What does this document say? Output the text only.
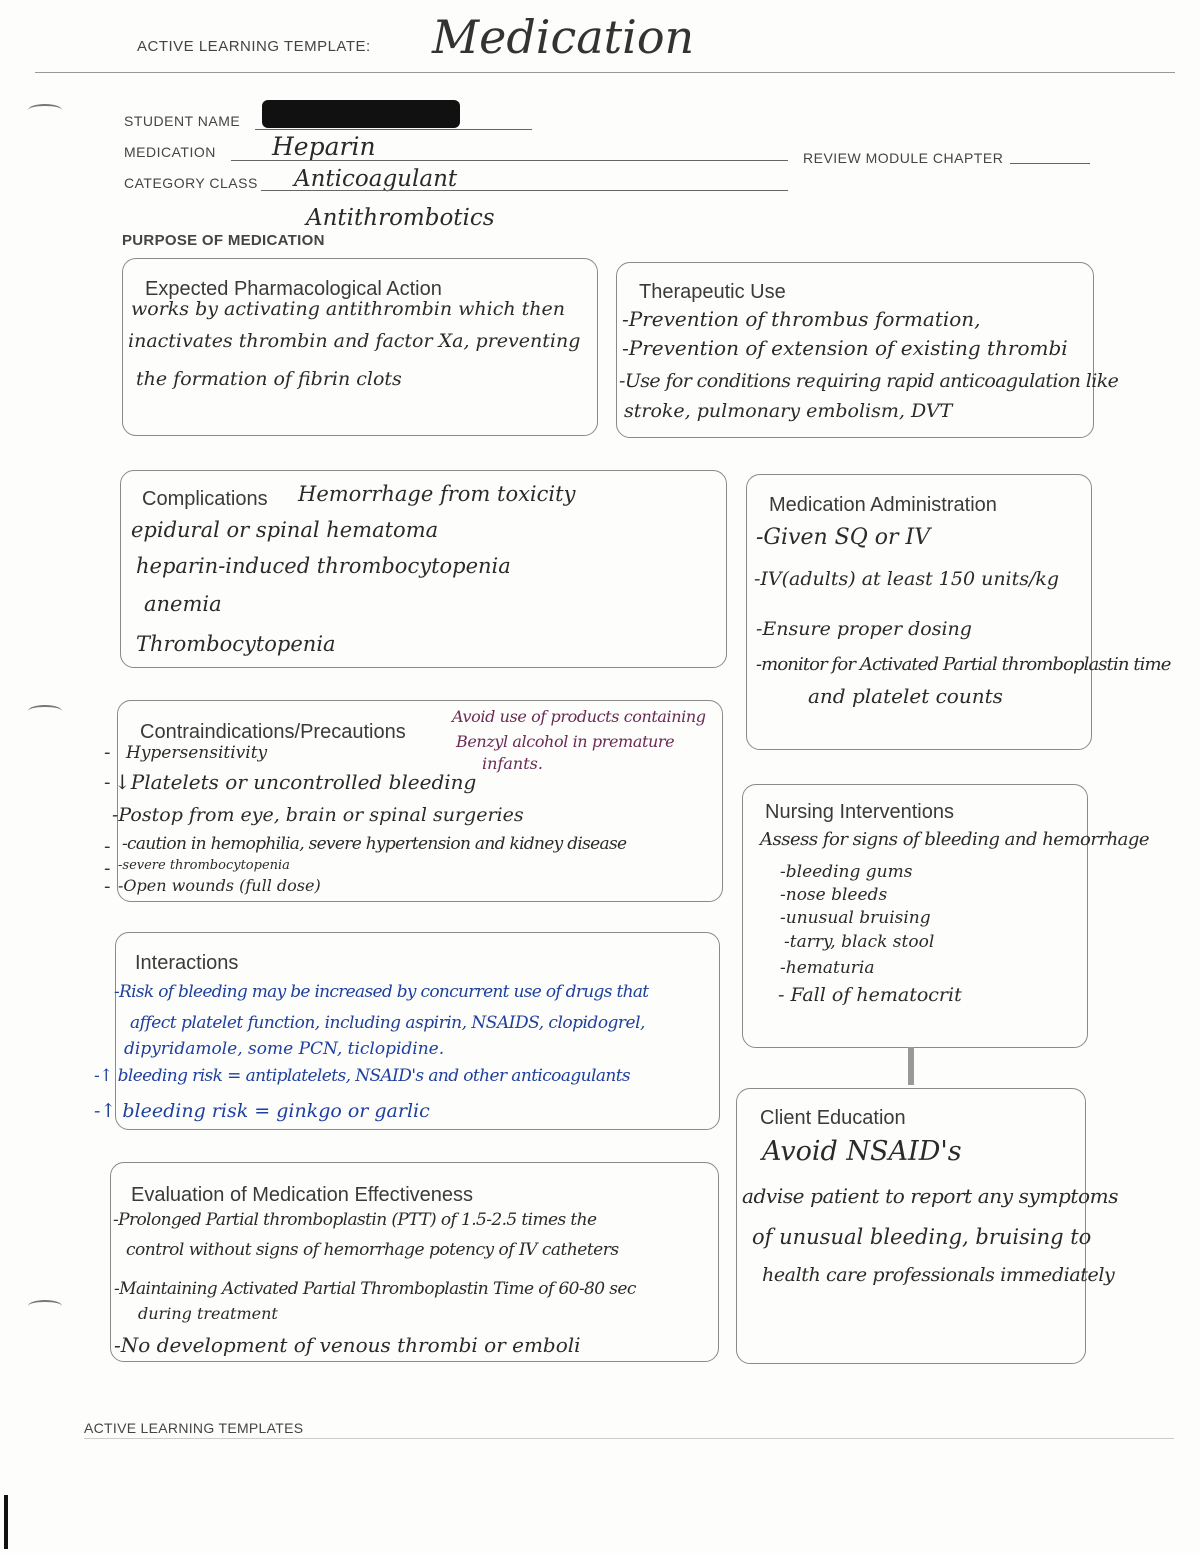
ACTIVE LEARNING TEMPLATE: Medication
STUDENT NAME
MEDICATION Heparin	REVIEW MODULE CHAPTER
CATEGORY CLASS Anticoagulant
Antithrombotics
PURPOSE OF MEDICATION
Expected Pharmacological Action
works by activating antithrombin which then
inactivates thrombin and factor Xa, preventing
the formation of fibrin clots
Therapeutic Use
-Prevention of thrombus formation,
-Prevention of extension of existing thrombi
-Use for conditions requiring rapid anticoagulation like
stroke, pulmonary embolism, DVT
Complications Hemorrhage from toxicity
epidural or spinal hematoma
heparin-induced thrombocytopenia
anemia
Thrombocytopenia
Medication Administration
-Given SQ or IV
-IV(adults) at least 150 units/kg
-Ensure proper dosing
-monitor for Activated Partial thromboplastin time
and platelet counts
Contraindications/Precautions
Avoid use of products containing
Benzyl alcohol in premature
infants.
- Hypersensitivity
- ↓Platelets or uncontrolled bleeding
-Postop from eye, brain or spinal surgeries
- -caution in hemophilia, severe hypertension and kidney disease
- -severe thrombocytopenia
- -Open wounds (full dose)
Nursing Interventions
Assess for signs of bleeding and hemorrhage
-bleeding gums
-nose bleeds
-unusual bruising
-tarry, black stool
-hematuria
- Fall of hematocrit
Interactions
-Risk of bleeding may be increased by concurrent use of drugs that
affect platelet function, including aspirin, NSAIDS, clopidogrel,
dipyridamole, some PCN, ticlopidine.
-↑ bleeding risk = antiplatelets, NSAID's and other anticoagulants
-↑ bleeding risk = ginkgo or garlic	Client Education
Avoid NSAID's
advise patient to report any symptoms
of unusual bleeding, bruising to
health care professionals immediately
Evaluation of Medication Effectiveness
-Prolonged Partial thromboplastin (PTT) of 1.5-2.5 times the
control without signs of hemorrhage potency of IV catheters
-Maintaining Activated Partial Thromboplastin Time of 60-80 sec
during treatment
-No development of venous thrombi or emboli
ACTIVE LEARNING TEMPLATES
